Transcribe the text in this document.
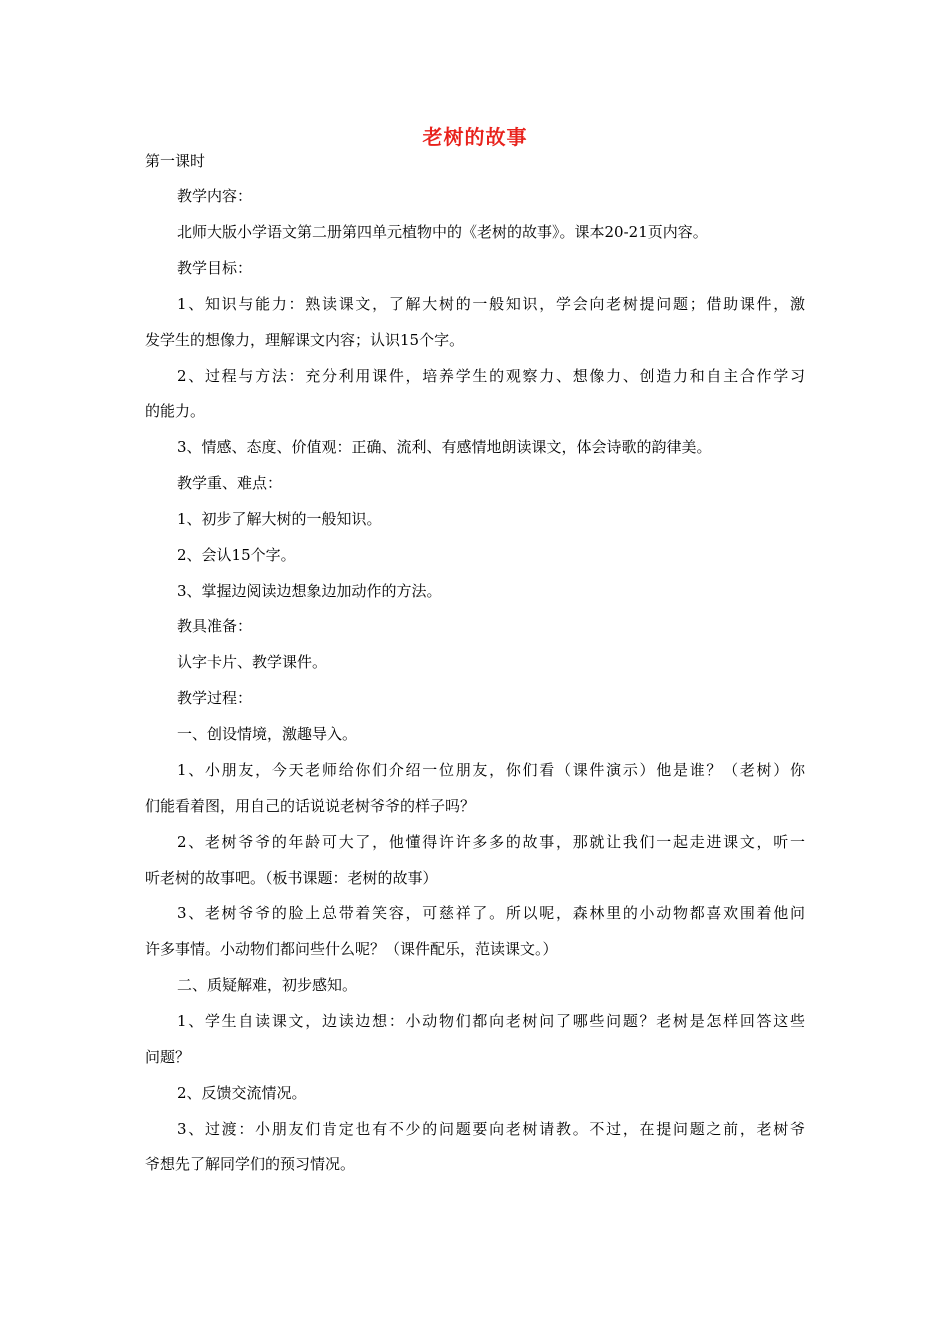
老树的故事
第一课时
教学内容：
北师大版小学语文第二册第四单元植物中的《老树的故事》。课本20-21页内容。
教学目标：
1、知识与能力：熟读课文，了解大树的一般知识，学会向老树提问题；借助课件，激
发学生的想像力，理解课文内容；认识15个字。
2、过程与方法：充分利用课件，培养学生的观察力、想像力、创造力和自主合作学习
的能力。
3、情感、态度、价值观：正确、流利、有感情地朗读课文，体会诗歌的韵律美。
教学重、难点：
1、初步了解大树的一般知识。
2、会认15个字。
3、掌握边阅读边想象边加动作的方法。
教具准备：
认字卡片、教学课件。
教学过程：
一、创设情境，激趣导入。
1、小朋友，今天老师给你们介绍一位朋友，你们看（课件演示）他是谁？（老树）你
们能看着图，用自己的话说说老树爷爷的样子吗？
2、老树爷爷的年龄可大了，他懂得许许多多的故事，那就让我们一起走进课文，听一
听老树的故事吧。（板书课题：老树的故事）
3、老树爷爷的脸上总带着笑容，可慈祥了。所以呢，森林里的小动物都喜欢围着他问
许多事情。小动物们都问些什么呢？（课件配乐，范读课文。）
二、质疑解难，初步感知。
1、学生自读课文，边读边想：小动物们都向老树问了哪些问题？老树是怎样回答这些
问题？
2、反馈交流情况。
3、过渡：小朋友们肯定也有不少的问题要向老树请教。不过，在提问题之前，老树爷
爷想先了解同学们的预习情况。
